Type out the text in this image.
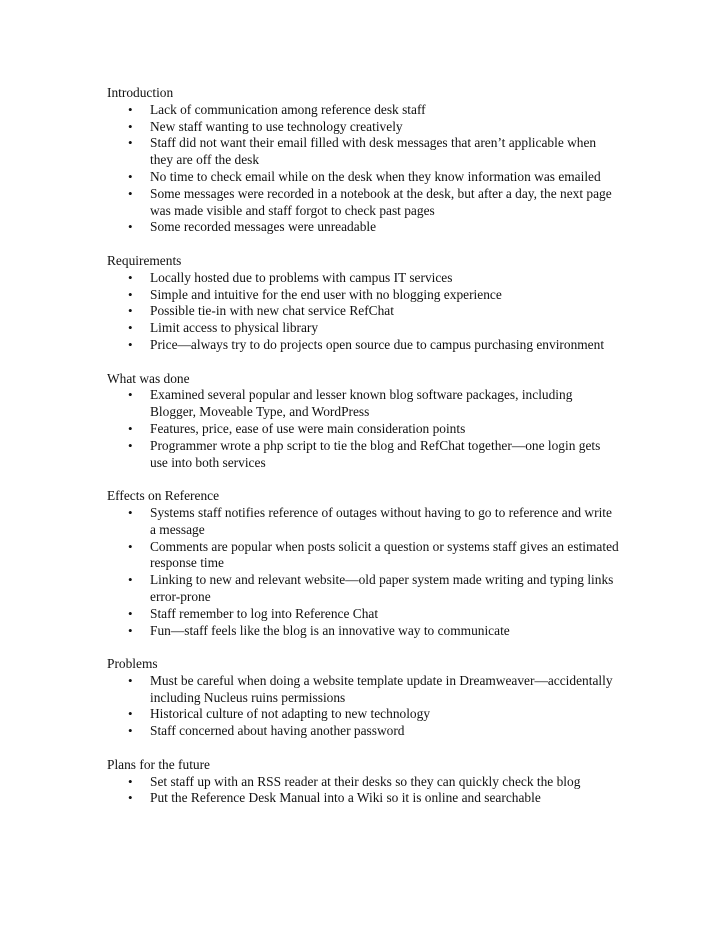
Introduction
• Lack of communication among reference desk staff
• New staff wanting to use technology creatively
• Staff did not want their email filled with desk messages that aren’t applicable when they are off the desk
• No time to check email while on the desk when they know information was emailed
• Some messages were recorded in a notebook at the desk, but after a day, the next page was made visible and staff forgot to check past pages
• Some recorded messages were unreadable
Requirements
• Locally hosted due to problems with campus IT services
• Simple and intuitive for the end user with no blogging experience
• Possible tie-in with new chat service RefChat
• Limit access to physical library
• Price—always try to do projects open source due to campus purchasing environment
What was done
• Examined several popular and lesser known blog software packages, including Blogger, Moveable Type, and WordPress
• Features, price, ease of use were main consideration points
• Programmer wrote a php script to tie the blog and RefChat together—one login gets use into both services
Effects on Reference
• Systems staff notifies reference of outages without having to go to reference and write a message
• Comments are popular when posts solicit a question or systems staff gives an estimated response time
• Linking to new and relevant website—old paper system made writing and typing links error-prone
• Staff remember to log into Reference Chat
• Fun—staff feels like the blog is an innovative way to communicate
Problems
• Must be careful when doing a website template update in Dreamweaver—accidentally including Nucleus ruins permissions
• Historical culture of not adapting to new technology
• Staff concerned about having another password
Plans for the future
• Set staff up with an RSS reader at their desks so they can quickly check the blog
• Put the Reference Desk Manual into a Wiki so it is online and searchable
